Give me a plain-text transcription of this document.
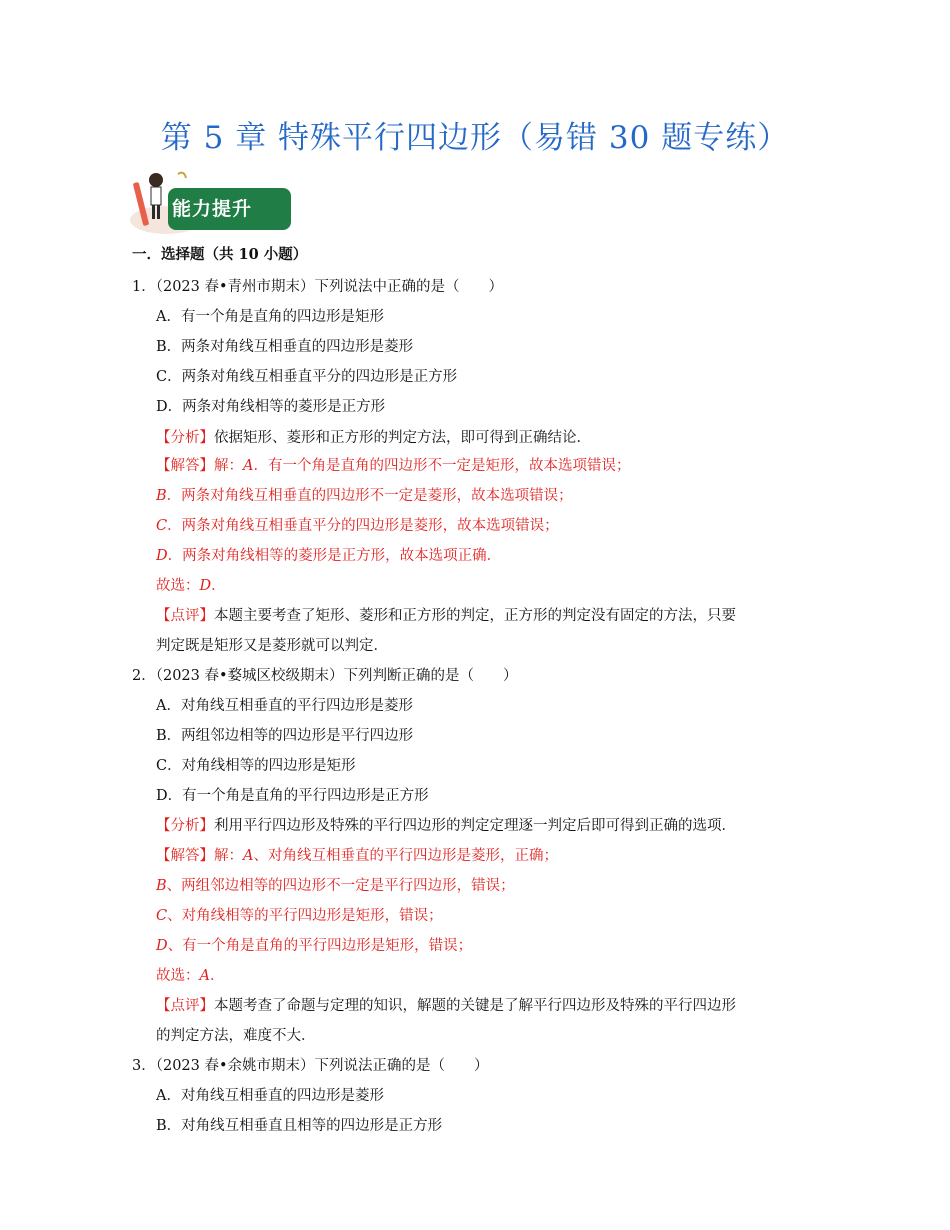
第 5 章 特殊平行四边形（易错 30 题专练）
能力提升
一．选择题（共 10 小题）
1．（2023 春•青州市期末）下列说法中正确的是（　　）
A．有一个角是直角的四边形是矩形
B．两条对角线互相垂直的四边形是菱形
C．两条对角线互相垂直平分的四边形是正方形
D．两条对角线相等的菱形是正方形
【分析】依据矩形、菱形和正方形的判定方法，即可得到正确结论．
【解答】解：A．有一个角是直角的四边形不一定是矩形，故本选项错误；
B．两条对角线互相垂直的四边形不一定是菱形，故本选项错误；
C．两条对角线互相垂直平分的四边形是菱形，故本选项错误；
D．两条对角线相等的菱形是正方形，故本选项正确．
故选：D．
【点评】本题主要考查了矩形、菱形和正方形的判定，正方形的判定没有固定的方法，只要
判定既是矩形又是菱形就可以判定．
2．（2023 春•婺城区校级期末）下列判断正确的是（　　）
A．对角线互相垂直的平行四边形是菱形
B．两组邻边相等的四边形是平行四边形
C．对角线相等的四边形是矩形
D．有一个角是直角的平行四边形是正方形
【分析】利用平行四边形及特殊的平行四边形的判定定理逐一判定后即可得到正确的选项．
【解答】解：A、对角线互相垂直的平行四边形是菱形，正确；
B、两组邻边相等的四边形不一定是平行四边形，错误；
C、对角线相等的平行四边形是矩形，错误；
D、有一个角是直角的平行四边形是矩形，错误；
故选：A．
【点评】本题考查了命题与定理的知识，解题的关键是了解平行四边形及特殊的平行四边形
的判定方法，难度不大．
3．（2023 春•余姚市期末）下列说法正确的是（　　）
A．对角线互相垂直的四边形是菱形
B．对角线互相垂直且相等的四边形是正方形
